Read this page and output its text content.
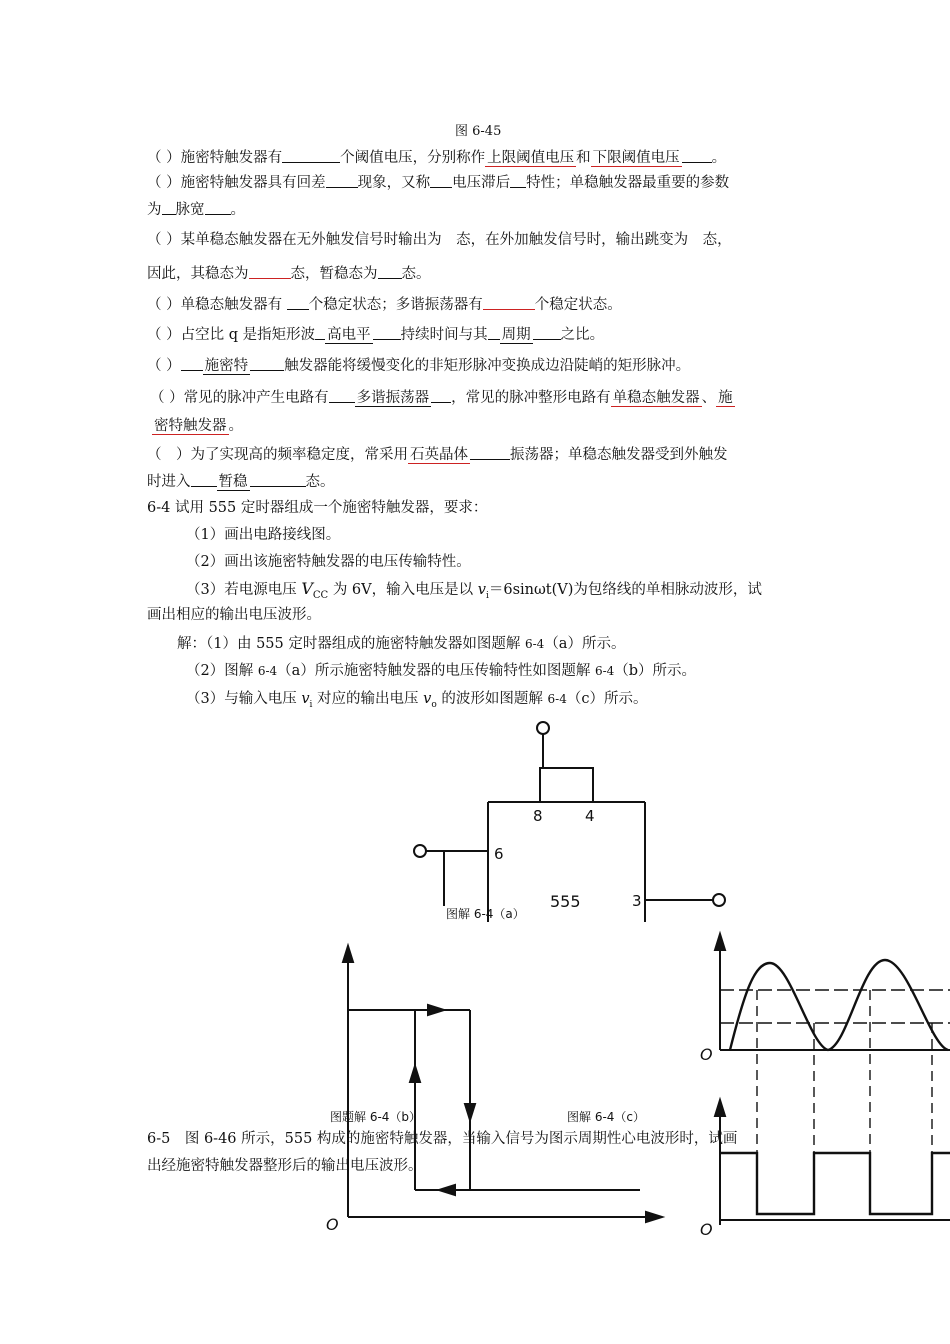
图 6-45
（ ）施密特触发器有	个阈值电压，分别称作 上限阈值电压 和 下限阈值电压 。
（ ）施密特触发器具有回差 现象，又称 电压滞后 特性；单稳触发器最重要的参数
为 脉宽 。
（ ）某单稳态触发器在无外触发信号时输出为　态，在外加触发信号时，输出跳变为　态，
因此，其稳态为	态，暂稳态为 态。
（ ）单稳态触发器有 个稳定状态；多谐振荡器有	个稳定状态。
（ ）占空比 q 是指矩形波 高电平 持续时间与其 周期 之比。
（ ） 施密特 触发器能将缓慢变化的非矩形脉冲变换成边沿陡峭的矩形脉冲。
（ ）常见的脉冲产生电路有 多谐振荡器 ，常见的脉冲整形电路有 单稳态触发器 、 施
密特触发器 。
（　）为了实现高的频率稳定度，常采用 石英晶体	振荡器；单稳态触发器受到外触发
时进入 暂稳	态。
6-4 试用 555 定时器组成一个施密特触发器，要求：
（1）画出电路接线图。
（2）画出该施密特触发器的电压传输特性。
（3）若电源电压 $V_{CC}$ 为 6V，输入电压是以 $v_i=6\sin\omega t(V)$为包络线的单相脉动波形，试
画出相应的输出电压波形。
解：（1）由 555 定时器组成的施密特触发器如图题解 6-4（a）所示。
（2）图解 6-4（a）所示施密特触发器的电压传输特性如图题解 6-4（b）所示。
（3）与输入电压 $v_i$ 对应的输出电压 $v_o$ 的波形如图题解 6-4（c）所示。
8	4
6
3
555
图解 6-4（a）
O
图题解 6-4（b）
O
O
图解 6-4（c）
6-5　图 6-46 所示，555 构成的施密特触发器，当输入信号为图示周期性心电波形时，试画
出经施密特触发器整形后的输出电压波形。
